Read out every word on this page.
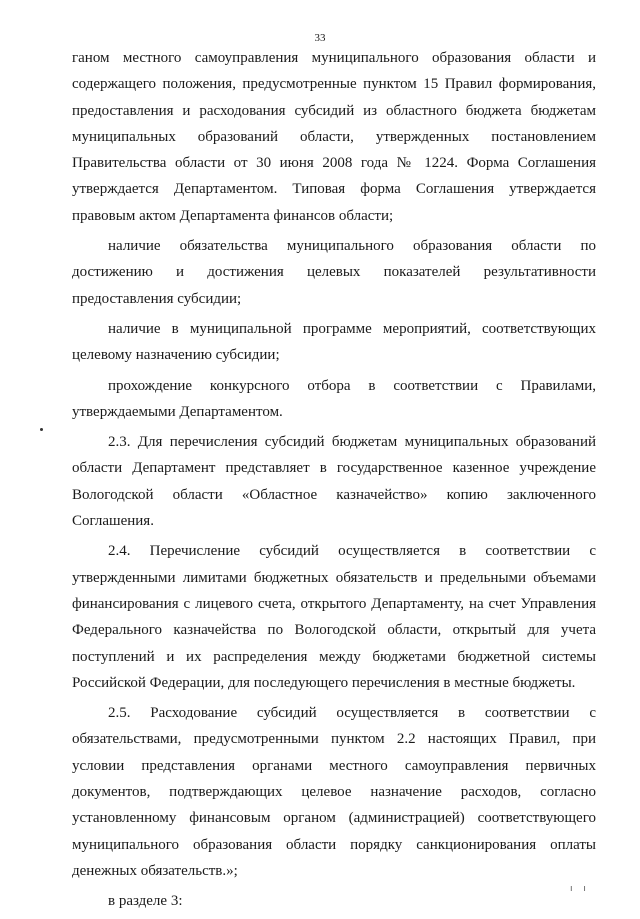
33

ганом местного самоуправления муниципального образования области и содержащего положения, предусмотренные пунктом 15 Правил формирования, предоставления и расходования субсидий из областного бюджета бюджетам муниципальных образований области, утвержденных постановлением Правительства области от 30 июня 2008 года № 1224. Форма Соглашения утверждается Департаментом. Типовая форма Соглашения утверждается правовым актом Департамента финансов области;

наличие обязательства муниципального образования области по достижению и достижения целевых показателей результативности предоставления субсидии;

наличие в муниципальной программе мероприятий, соответствующих целевому назначению субсидии;

прохождение конкурсного отбора в соответствии с Правилами, утверждаемыми Департаментом.

2.3. Для перечисления субсидий бюджетам муниципальных образований области Департамент представляет в государственное казенное учреждение Вологодской области «Областное казначейство» копию заключенного Соглашения.

2.4. Перечисление субсидий осуществляется в соответствии с утвержденными лимитами бюджетных обязательств и предельными объемами финансирования с лицевого счета, открытого Департаменту, на счет Управления Федерального казначейства по Вологодской области, открытый для учета поступлений и их распределения между бюджетами бюджетной системы Российской Федерации, для последующего перечисления в местные бюджеты.

2.5. Расходование субсидий осуществляется в соответствии с обязательствами, предусмотренными пунктом 2.2 настоящих Правил, при условии представления органами местного самоуправления первичных документов, подтверждающих целевое назначение расходов, согласно установленному финансовым органом (администрацией) соответствующего муниципального образования области порядку санкционирования оплаты денежных обязательств.»;

в разделе 3:

ı ı
